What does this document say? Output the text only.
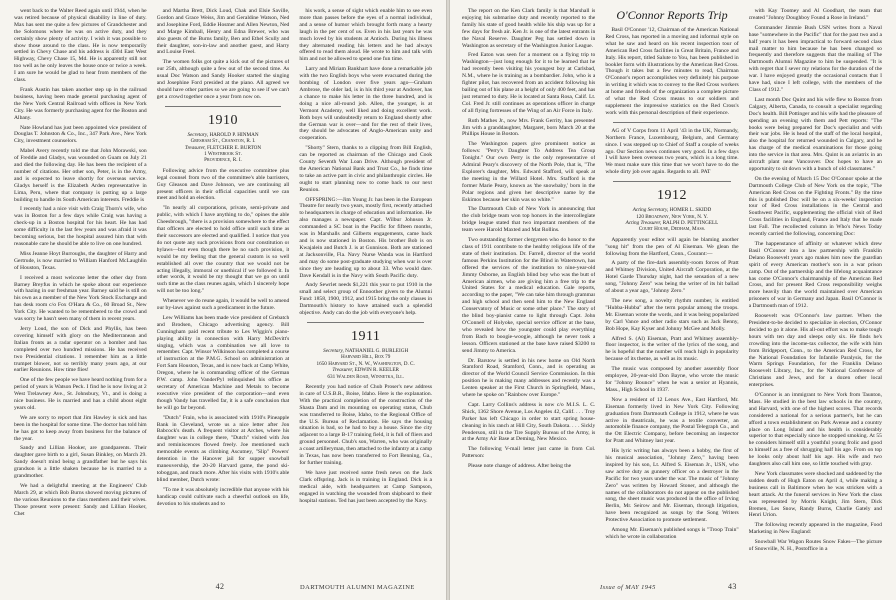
went back to the Walter Reed again until 1944, when he was retired because of physical disability in line of duty. Max has sent me quite a few pictures of Grandchester and the Solomons where he was on active duty, and they certainly show plenty of activity. I wish it was possible to show those around to the class. He is now temporarily settled in Chevy Chase and his address is 4304 East West Highway, Chevy Chase 15, Md. He is apparently still not too well as he only leaves the house once or twice a week. I am sure he would be glad to hear from members of the class.

Frank Austin has taken another step up in the railroad business, having been made general purchasing agent of the New York Central Railroad with offices in New York City. He was formerly purchasing agent for the Boston and Albany.

Nate Howland has just been appointed vice president of Douglas T. Johnston & Co., Inc., 347 Park Ave., New York City, investment counselors.

Mabel Avery recently told me that John Morawski, son of Freddie and Gladys, was wounded on Guam on July 21 and died the following day. He has been the recipient of a number of citations. Her other son, Peter, is in the Army, and is expected to leave shortly for overseas service. Gladys herself is the Elizabeth Arden representative in Lima, Peru, where that company is putting up a large building to handle its South American interests. Freddie is

I recently had a nice visit with Craig Thorn's wife, who was in Boston for a few days while Craig was having a check-up in a Boston hospital for his heart. He has had some difficulty in the last few years and was afraid it was becoming serious, but the hospital assured him that with reasonable care he should be able to live on one hundred.

Miss Jeanne Hoyt Burroughs, the daughter of Harry and Gertrude, is now married to William Hanford McLaughlin of Houston, Texas.

I received a most welcome letter the other day from Barney Breyfus in which he spoke about our experience with hazing in our freshman year. Barney said he is still on his own as a member of the New York Stock Exchange and has desk room c/o Fox O'Hara & Co., 60 Broad St., New York City. He wanted to be remembered to the crowd and was sorry he hasn't seen many of them in recent years.

Jerry Loud, the son of Dick and Phyllis, has been covering himself with glory on the Mediterranean and Italian fronts as a radar operator on a bomber and has completed over two hundred missions. He has received two Presidential citations. I remember him as a little trumpet blower, not so terribly many years ago, at our earlier Reunions. How time flies!

One of the few people we have heard nothing from for a period of years is Watson Peck. I find he is now living at 2 West Trelawney Ave., St. Johnsbury, Vt., and is doing a nice business. He is married and has a child about eight years old.

We are sorry to report that Jim Hawley is sick and has been in the hospital for some time. The doctor has told him he has got to keep away from business for the balance of the year.

Sandy and Lillian Hooker, are grandparents. Their daughter gave birth to a girl, Susan Binkley, on March 29. Sandy doesn't mind being a grandfather but he says his grandson is a little shaken because he is married to a grandmother.

We had a delightful meeting at the Engineers' Club March 29, at which Bob Burns showed moving pictures of the various Reunions to the class members and their wives. Those present were present: Sandy and Lillian Hooker, Chet

and Martha Brett, Dick Loud, Chak and Elsie Saville, Gordon and Grace Weiss, Jim and Geraldine Watson, Ned and Josephine Ford, Eddie Hosmer and Allen Newton, Ned and Marge Kimball, Henry and Edna Brewer, who was also guests of the Burns family, Ben and Ethel Scully and their daughter, son-in-law and another guest, and Harry and Louise Freel.

The women folks got quite a kick out of the pictures of our 25th, although quite a few out of the second time. As usual Doc Watson and Sandy Hooker started the singing and Josephine Ford presided at the piano. All agreed we should have other parties so we are going to see if we can't get a crowd together once a year from now on.

1910
Secretary, HAROLD P. HINMAN
Gresham St., Cranston, R. I.
Treasurer, FLETCHER E. BURTON
1 Westbrook St.
Providence, R. I.

Following advice from the executive committee plus legal counsel from two of the committee's able barristers, Guy Gleason and Dave Johnson, we are continuing all present officers in their official capacities until we can meet and hold an election.

"In nearly all corporations, private, semi-private and public, with which I have anything to do," opines the able Cheesbrough, "there is a provision somewhere to the effect that officers are elected to hold office until such time as their successors are elected and qualified. I notice that you do not quote any such provisions from our constitution or bylaws—but even though there be no such provision, it would be my feeling that the general custom is so well established all over the country that we would not be acting illegally, immoral or unethical if we followed it. In other words, it would be my thought that we go on until such time as the class reunes again, which I sincerely hope will not be too long."

Whenever we do reune again, it would be well to amend our by-laws against such a predicament in the future.

Lew Williams has been made vice president of Grebatch and Brodsen, Chicago advertising agency. Bill Cunningham paid recent tribute to Les Wiggin's piano-playing ability in connection with Harry McDevitt's singing, which was a combination we all love to remember. Capt. Winsor Wilkinson has completed a course of instruction at the P.M.G. School on administration at Fort Sam Houston, Texas, and is now back at Camp White, Oregon, where he is commanding officer of the German P.W. camp. John VanderPyl relinquished his office as secretary of American Machine and Metals to become executive vice president of the corporation—and even though Vandy has travelled far, it is a safe conclusion that he will go far beyond.

"Dutch" Frain, who is associated with 1910's Pineapple Bank in Cleveland, wrote us a nice letter after Jon Babcock's death. A frequent visitor at Arches, where his daughter was in college there, "Dutch" visited with Jon and reminiscences flowed freely. Joe mentioned such memorable events as climbing Ascutney, "Slip" Powers' detention in the Hanover jail for supper snowball maneuvership, the 20-20 Harvard game, the pond ski-toboggan, and much more. After his visits with 1910's able blind member, Dutch wrote:

"To me it was absolutely incredible that anyone with his handicap could cultivate such a cheerful outlook on life, devotion to his students and to

his work, a sense of sight which enable him to see even more than passes before the eyes of a normal individual, and a sense of humor which brought forth many a hearty laugh in the per cent of us. Even in his last years he was much loved by his students at Antioch. During his illness they alternated reading his letters and he had always offered to read them aloud. He wrote to him and talk with him and not be allowed to spend one fun time.

Larry and Miriam Bankhart have done a remarkable job with the two English boys who were evacuated during the bombing of London over five years ago—Graham Ambrose, the older lad, is in his third year at Andover, has a chance to make his letter in the three hundred, and is doing a nice all-round job. Allen, the younger, is at Vermont Academy, well liked and doing excellent work. Both boys will undoubtedly return to England shortly after the German war is over—and for the rest of their lives, they should be advocates of Anglo-American unity and cooperation.

"Shorty" Stern, thanks to a clipping from Bill English, can be reported as chairman of the Chicago and Cook County Seventh War Loan Drive. Although president of the American National Bank and Trust Co., he finds time to take an active part in civic and philanthropic circles. He ought to start planning now to come back to our next Reunion.

OFFSPRING:—Jim Young Jr. has been in the European Theatre for nearly two years, mostly first, recently attached to headquarters in charge of education and information. He also manages a newspaper. Capt. Wilbur Johnson Jr. commanded a SC boat in the Pacific for fifteen months, was in Marshalls and Gilberts engagements, came back and is now stationed in Boston. His brother Bob is on Kwajalein and Butch J. is at Gunnison. Both are stationed at Jacksonville, Fla. Navy Nurse Wanda was in Hartford and may do some post-graduate studying when war is over since they are heading up to about 33. Who would dare. Dave Kendall is in the Navy with South Pacific duty.

Andy Sewrlet needs $1,221 this year to put 1910 in the small and select group of Ennoother givers to the Alumni Fund: 1858, 1900, 1912, and 1915 bring the only classes in Dartmouth's history to have attained such a splendid objective. Andy can do the job with everyone's help.

1911
Secretary, NATHANIEL G. BURLEIGH
Harvard Hill, Box 79
1650 Harvard St., N. W., Washington, D. C.
Treasurer, EDWIN R. KEELER
631 Walden Road, Winnetka, Ill.

Recently you had notice of Chub Proser's new address in care of U.S.B.R., Boise, Idaho. Here is the explanation. With the practical completion of the construction of the Shasta Dam and its mounting on operating status, Chub was transferred to Boise, Idaho, to the Regional Office of the U.S. Bureau of Reclamation. He says the housing situation is bad, so he had to buy a house. Since the city adjacent to a large B-17 training field, it is full of fliers and ground personnel. Chub's son, Warren, who was originally a coast artilleryman, then attached to the infantry at a camp in Texas, has now been transferred to Fort Benning, Ga., for further training.

We have just received some fresh news on the Jack Clark offspring. Jack is in training in England. Dick is a medical aide, with headquarters at Camp Sampson, engaged in watching the wounded from shipboard to their hospital stations. Ted has just been accepted by the Navy.

42	DARTMOUTH ALUMNI MAGAZINE

The report on the Ken Clark family is that Marshall is enjoying his submarine duty and recently reported to the family his state of good health while his ship was up for a few days for fresh air. Ken Jr. is one of the latest entrants in the Naval Reserve. Daughter Peg has settled down in Washington as secretary of the Washington Junior League.

Fred Eaton was seen for a moment on a flying trip to Washington—just long enough for it to be learned that he had recently been visiting his youngest boy at Carlsbad, N.M., where he is training as a bombardier. John, who is a fighter pilot, has recovered from an accident following his bailing out of his plane at a height of only 400 feet, and has just returned to duty. He is located at Santa Rosa, Calif. Lt. Col. Fred Jr. still continues as operations officer in charge of all flying fortresses of the Wing of an Air Force in Italy.

Ruth Mathes Jr., now Mrs. Frank Gerrity, has presented Jim with a granddaughter, Margaret, born March 20 at the Phillips House in Boston.

The Washington papers give prominent notice as follows: "Perry's Daughter To Address Tea Group Tonight." Our own Perry is the only representative of Admiral Peary's discovery of the North Pole, that is, "The Explorer's daughter, Mrs. Edward Stafford, will speak at the meeting in the Willard Hotel. Mrs. Stafford is the former Marie Peary, known as 'the snowbaby,' born in the Polar regions and given her descriptive name by the Eskimos because her skin was so white."

The Dartmouth Club of New York in announcing that the club bridge team won top honors in the intercollegiate bridge league stated that two important members of the team were Harold Maxted and Mat Rollins.

Two outstanding former clergymen who do honor to the class of 1911 contribute to the healthy religious life of the state of their institution. Dr. Farrell, director of the world famous Perkins Institution for the Blind in Watertown, has offered the services of the institution to nine-year-old Jimmy Osborne, an English blind boy who was the butt of American airmen, who are giving him a free trip to the United States for a medical education. Gale reports, according to the paper, "We can take him through grammar and high school and then send him to the New England Conservatory of Music or some other place." The story of the blind boy-pianist came to light through Capt. John O'Connell of Holyoke, special service officer at the base, who revealed how the youngster could play everything from Bach to boogie-woogie, although he never took a lesson. Officers stationed at the base have raised $3200 to send Jimmy to America.

Dr. Barstow is settled in his new home on Old North Stamford Road, Stamford, Conn., and is operating as director of the World Council Service Commission. In this position he is making many addresses and recently was a Lenten speaker at the First Church in Springfield, Mass., where he spoke on "Rainbow over Europe."

Capt. Larry Collins's address is now c/o M.I.S. L. C. Shick, 1362 Shore Avenue, Los Angeles 42, Calif. . . . Troy Parker has left Chicago in order to start spring house-cleaning in his ranch at Hill City, South Dakota. . . . Sickly Penderson, still in the Tire Supply Bureau of the Army, is at the Army Air Base at Deming, New Mexico.

The following V-mail letter just came in from Col. Patterson:

Please note change of address. After being the

O'Connor Reports Trip

Basil O'Connor '12, Chairman of the American National Red Cross, has reported in a moving and informal style on what he saw and heard on his recent inspection tour of American Red Cross facilities in Great Britain, France and Italy. His report, titled Salute to You, has been published in booklet form with illustrations by the American Red Cross. Though it takes but a few minutes to read, Chairman O'Connor's report accomplishes very definitely his purpose in writing it which was to convey to the Red Cross workers at home and friends of the organization a complete picture of what the Red Cross means to our soldiers and supplement the impressive statistics on the Red Cross's work with this personal description of their experience.

AG of V Corps from 11 April '43 in the UK, Normandy, Northern France, Luxembourg, Belgium, and Germany since. I was stepped up to Chief of Staff a couple of weeks ago. Our Section news continues very good. In a few days I will have been overseas two years, which is a long time. We must make sure this time that we won't have to do the whole dirty job over again. Regards to all. PAT

1912
Acting Secretary, HOMER L. SKIDD
120 Broadway, New York, N. Y.
Acting Treasurer, RALPH D. PETTINGELL
Court House, Dedham, Mass.

Apparently your editor will again be blaming another "song hit" from the pen of Al Eiseman. We glean the following from the Hartford, Conn., Courant:—

A party of the fire-dark assembly-room forces of Pratt and Whitney Division, United Aircraft Corporation, at the Hotel Garde Thursday night, had the sensation of a new song, "Johnny Zero" was being the writer of its hit ballad of about a year ago, "Johnny Zero."

The new song, a novelty rhythm number, is entitled "Hubba-Hubba" after the term popular among the troops. Mr. Eiseman wrote the words, and it was being popularized by Carl Vance and other radio stars such as Jack Benny, Bob Hope, Kay Kyser and Johnny McGee and Molly.

Alfred S. (Al) Eiseman, Pratt and Whitney assembly-floor inspector, is the writer of the lyrics of the song, and he is hopeful that the number will reach high in popularity because of its theme, as well as its music.

The music was composed by another assembly floor employee, 20-year-old Don Bayne, who wrote the music for "Johnny Bounce" when he was a senior at Hyannis, Mass., High School in 1937.

Now a resident of 12 Lenox Ave., East Hartford, Mr. Eiseman formerly lived in New York City. Following graduation from Dartmouth College in 1912, where he was active in theatricals, he was a textile converter, an automobile finance company, the Postal Telegraph Co., and the Ott Electric Company, before becoming an inspector for Pratt and Whitney last year.

His lyric writing has always been a hobby, the first of his musical association, "Johnny Zero," having been inspired by his son, Lt. Alfred S. Eiseman Jr., USN, who saw active duty as gunnery officer on a destroyer in the Pacific for two years under the war. The music of "Johnny Zero" was written by Howard Stoner, and although the names of the collaborators do not appear on the published song, the sheet music was produced in the office of Irving Berlin, Mr. Seirow and Mr. Eiseman, through litigation, have been recognized as songs by the Song Writers Protective Association to promote settlement.

Among Mr. Eiseman's published songs is "Troop Train" which he wrote in collaboration

with Kay Toomey and Al Goodhart, the team that created "Johnny Doughboy Found a Rose in Ireland."

Commander Jimmie Bush USN writes from a Naval base "somewhere in the Pacific" that for the past two and a half years it has been impractical to forward second class mail matter to him because he has been changed so frequently and therefore suggests that the mailing of The Dartmouth Alumni Magazine to him be suspended. "It is with regret that I sever my relations for the duration of the war. I have enjoyed greatly the occasional contacts that I have had, since I left college, with the members of the Class of 1912."

Last month Doc Quint and his wife flew to Boston from Calgary, Alberta, Canada, to consult a specialist regarding Doc's health. Bill Pottinger and his wife had the pleasure of spending an evening with them and Pett reports: "The books were being prepared for Doc's specialist and with their war jobs. He is head of the staff of the local hospital, also the hospital for returned wounded in Calgary, and he has charge of the medical examinations for those going into the service in that area. Mrs. Quint is an aviatrix in an aircraft plant near Vancouver. Doc hopes to have an opportunity to sit down with a bunch of old classmates."

On the evening of March 15 Doc O'Connor spoke at the Dartmouth College Club of New York on the topic, "The American Red Cross on the Fighting Fronts." By the time this is published Doc will be on a six-weeks' inspection tour of Red Cross installations in the Central and Southwest Pacific, supplementing the official visit of Red Cross facilities in England, France and Italy that he made last Fall. The recollected column in Who's News Today recently carried the following, concerning Doc:

The happenstance of affinity or whatever which drew Basil O'Connor into a law partnership with Franklin Delano Roosevelt years ago makes him now the guardian spirit of every American mother's son in a war prison camp. Out of the partnership and the lifelong acquaintance has come O'Connor's chairmanship of the American Red Cross, and for present Red Cross responsibility weighs more heavily than the world maintained over American prisoners of war in Germany and Japan. Basil O'Connor is a Dartmouth man of 1912.

Roosevelt was O'Connor's law partner. When the President-to-be decided to specialize in election, O'Connor decided to go it alone. His all-out effort was to make tough hours with ten day and sleeps only six. He finds he's crowding into the income-tax collector, the wife with him from Bridgeport, Conn., to the American Red Cross, for the National Foundation for Infantile Paralysis, for the Warm Springs Foundation, for the Franklin Delano Roosevelt Library, Inc., for the National Conference of Christians and Jews, and for a dozen other local enterprises.

O'Connor is an immigrant to New York from Taunton, Mass. He studied in the best law schools in the country, and Harvard, with one of the highest scores. That records considered a national for a serious partner's, but he can afford a town establishment on Park Avenue and a country place on Long Island and his health is considerably superior to that especially since he stopped smoking. At 55 he considers himself still a youthful young frolic and good to himself as a free of shrugging half his age. From on top he looks only about half his age. His wife and two daughters also call him one, so little touched with gray.

New York classmates were shocked and saddened by the sudden death of Hugh Eaton on April 4, while making a business call in Baltimore when he was stricken with a heart attack. At the funeral services in New York the class was represented by Morris Knight, Jim Stern, Dick Bremen, Les Snow, Randy Burns, Charlie Gately and Henri Urion.

The following recently appeared in the magazine, Food Marketing in New England:

Snowball War Wagon Routes Snow Fakes—The picture of Snowville, N. H., Postoffice in a

Issue of MAY 1945	43
